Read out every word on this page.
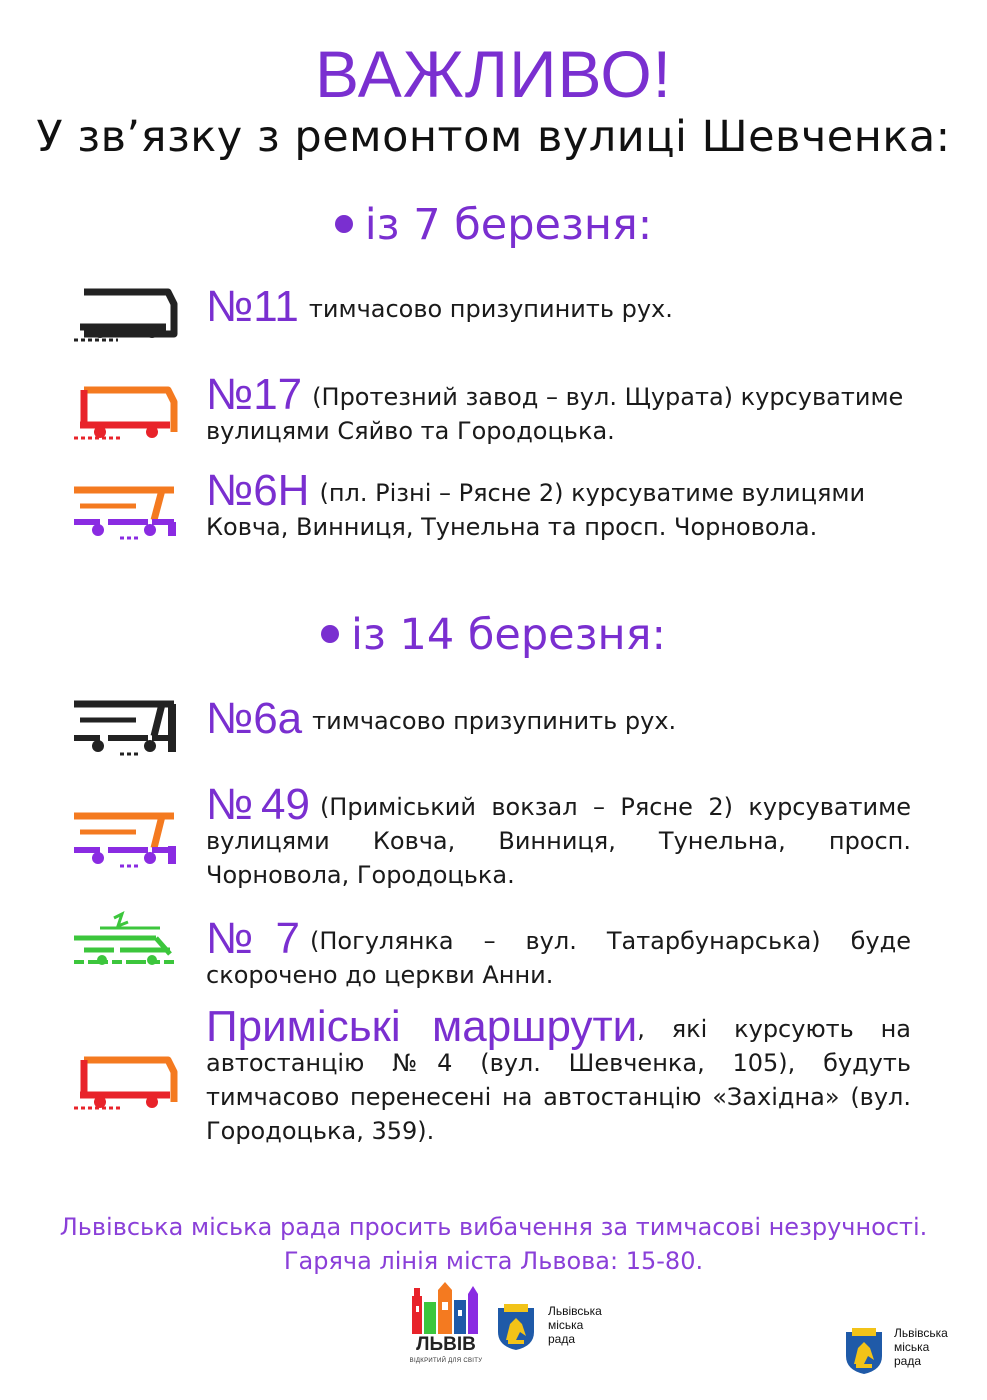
ВАЖЛИВО!
У зв’язку з ремонтом вулиці Шевченка:
із 7 березня:
№11 тимчасово призупинить рух.
№17 (Протезний завод – вул. Щурата) курсуватиме вулицями Сяйво та Городоцька.
№6Н (пл. Різні – Рясне 2) курсуватиме вулицями Ковча, Винниця, Тунельна та просп. Чорновола.
із 14 березня:
№6а тимчасово призупинить рух.
№49 (Приміський вокзал – Рясне 2) курсуватиме вулицями Ковча, Винниця, Тунельна, просп. Чорновола, Городоцька.
№7 (Погулянка – вул. Татарбунарська) буде скорочено до церкви Анни.
Приміські маршрути, які курсують на автостанцію №4 (вул. Шевченка, 105), будуть тимчасово перенесені на автостанцію «Західна» (вул. Городоцька, 359).
Львівська міська рада просить вибачення за тимчасові незручності.
Гаряча лінія міста Львова: 15-80.
ЛЬВІВ
ВІДКРИТИЙ ДЛЯ СВІТУ
Львівська
міська
рада	Львівська
міська
рада
